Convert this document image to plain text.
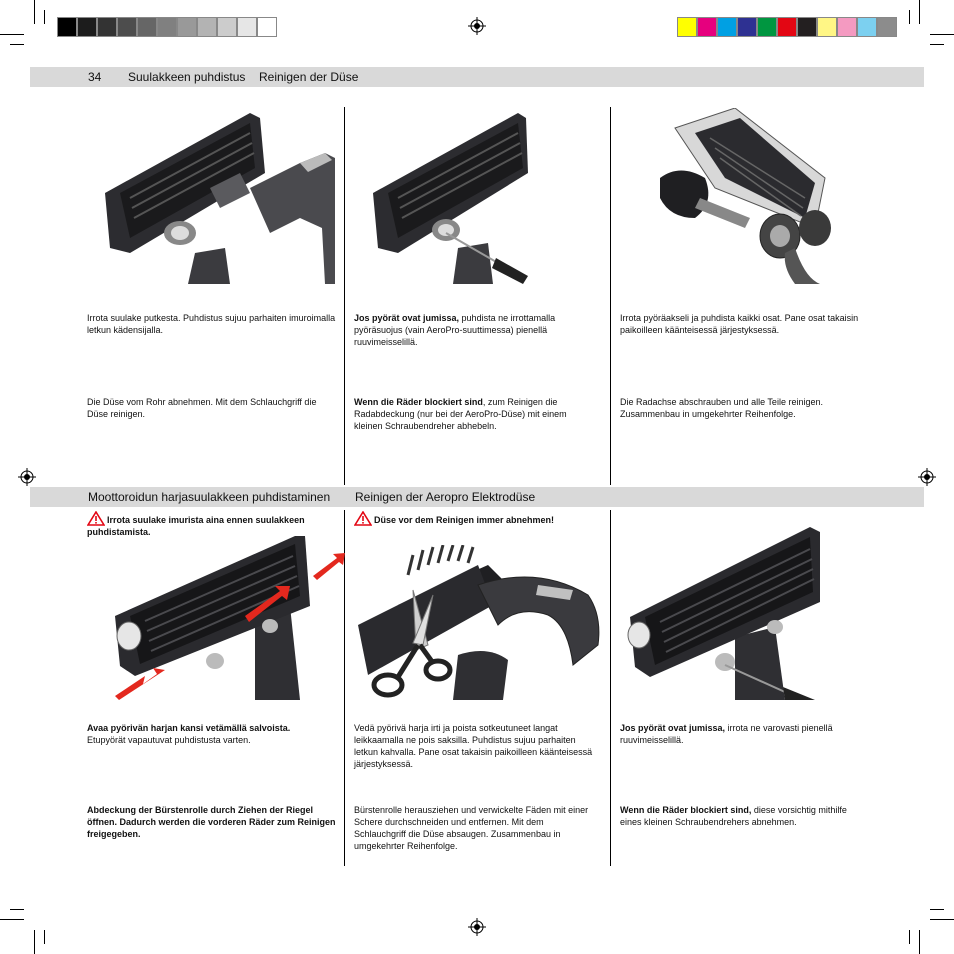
34 Suulakkeen puhdistus Reinigen der Düse
Moottoroidun harjasuulakkeen puhdistaminen Reinigen der Aeropro Elektrodüse
Irrota suulake putkesta. Puhdistus sujuu parhaiten imuroimalla letkun kädensijalla.
Die Düse vom Rohr abnehmen. Mit dem Schlauchgriff die Düse reinigen.
Jos pyörät ovat jumissa, puhdista ne irrottamalla pyöräsuojus (vain AeroPro-suuttimessa) pienellä ruuvimeisselillä.
Wenn die Räder blockiert sind, zum Reinigen die Radabdeckung (nur bei der AeroPro-Düse) mit einem kleinen Schraubendreher abhebeln.
Irrota pyöräakseli ja puhdista kaikki osat. Pane osat takaisin paikoilleen käänteisessä järjestyksessä.
Die Radachse abschrauben und alle Teile reinigen. Zusammenbau in umgekehrter Reihenfolge.
Irrota suulake imurista aina ennen suulakkeen puhdistamista.
Düse vor dem Reinigen immer abnehmen!
Avaa pyörivän harjan kansi vetämällä salvoista.
Etupyörät vapautuvat puhdistusta varten.
Abdeckung der Bürstenrolle durch Ziehen der Riegel öffnen. Dadurch werden die vorderen Räder zum Reinigen freigegeben.
Vedä pyörivä harja irti ja poista sotkeutuneet langat leikkaamalla ne pois saksilla. Puhdistus sujuu parhaiten letkun kahvalla. Pane osat takaisin paikoilleen käänteisessä järjestyksessä.
Bürstenrolle herausziehen und verwickelte Fäden mit einer Schere durchschneiden und entfernen. Mit dem Schlauchgriff die Düse absaugen. Zusammenbau in umgekehrter Reihenfolge.
Jos pyörät ovat jumissa, irrota ne varovasti pienellä ruuvimeisselillä.
Wenn die Räder blockiert sind, diese vorsichtig mithilfe eines kleinen Schraubendrehers abnehmen.
